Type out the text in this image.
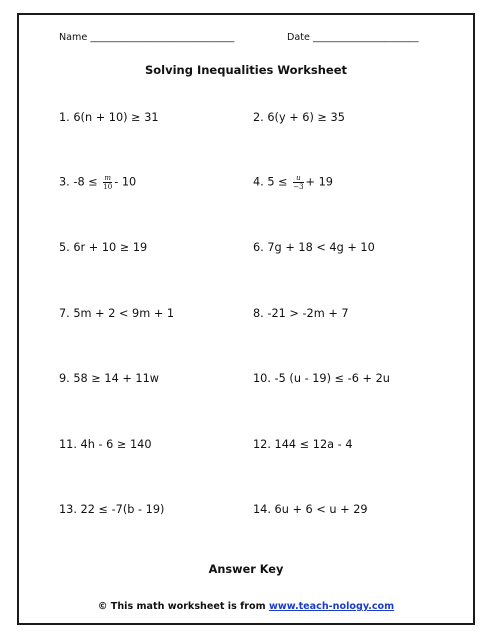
Name ______________________________	Date ______________________
Solving Inequalities Worksheet
1. 6(n + 10) ≥ 31	2. 6(y + 6) ≥ 35
3. $-8 \le \frac{m}{10} - 10$	4. $5 \le \frac{u}{-3} + 19$
5. 6r + 10 ≥ 19	6. 7g + 18 < 4g + 10
7. 5m + 2 < 9m + 1	8. -21 > -2m + 7
9. 58 ≥ 14 + 11w	10. -5 (u - 19) ≤ -6 + 2u
11. 4h - 6 ≥ 140	12. 144 ≤ 12a - 4
13. 22 ≤ -7(b - 19)	14. 6u + 6 < u + 29
Answer Key
© This math worksheet is from www.teach-nology.com
